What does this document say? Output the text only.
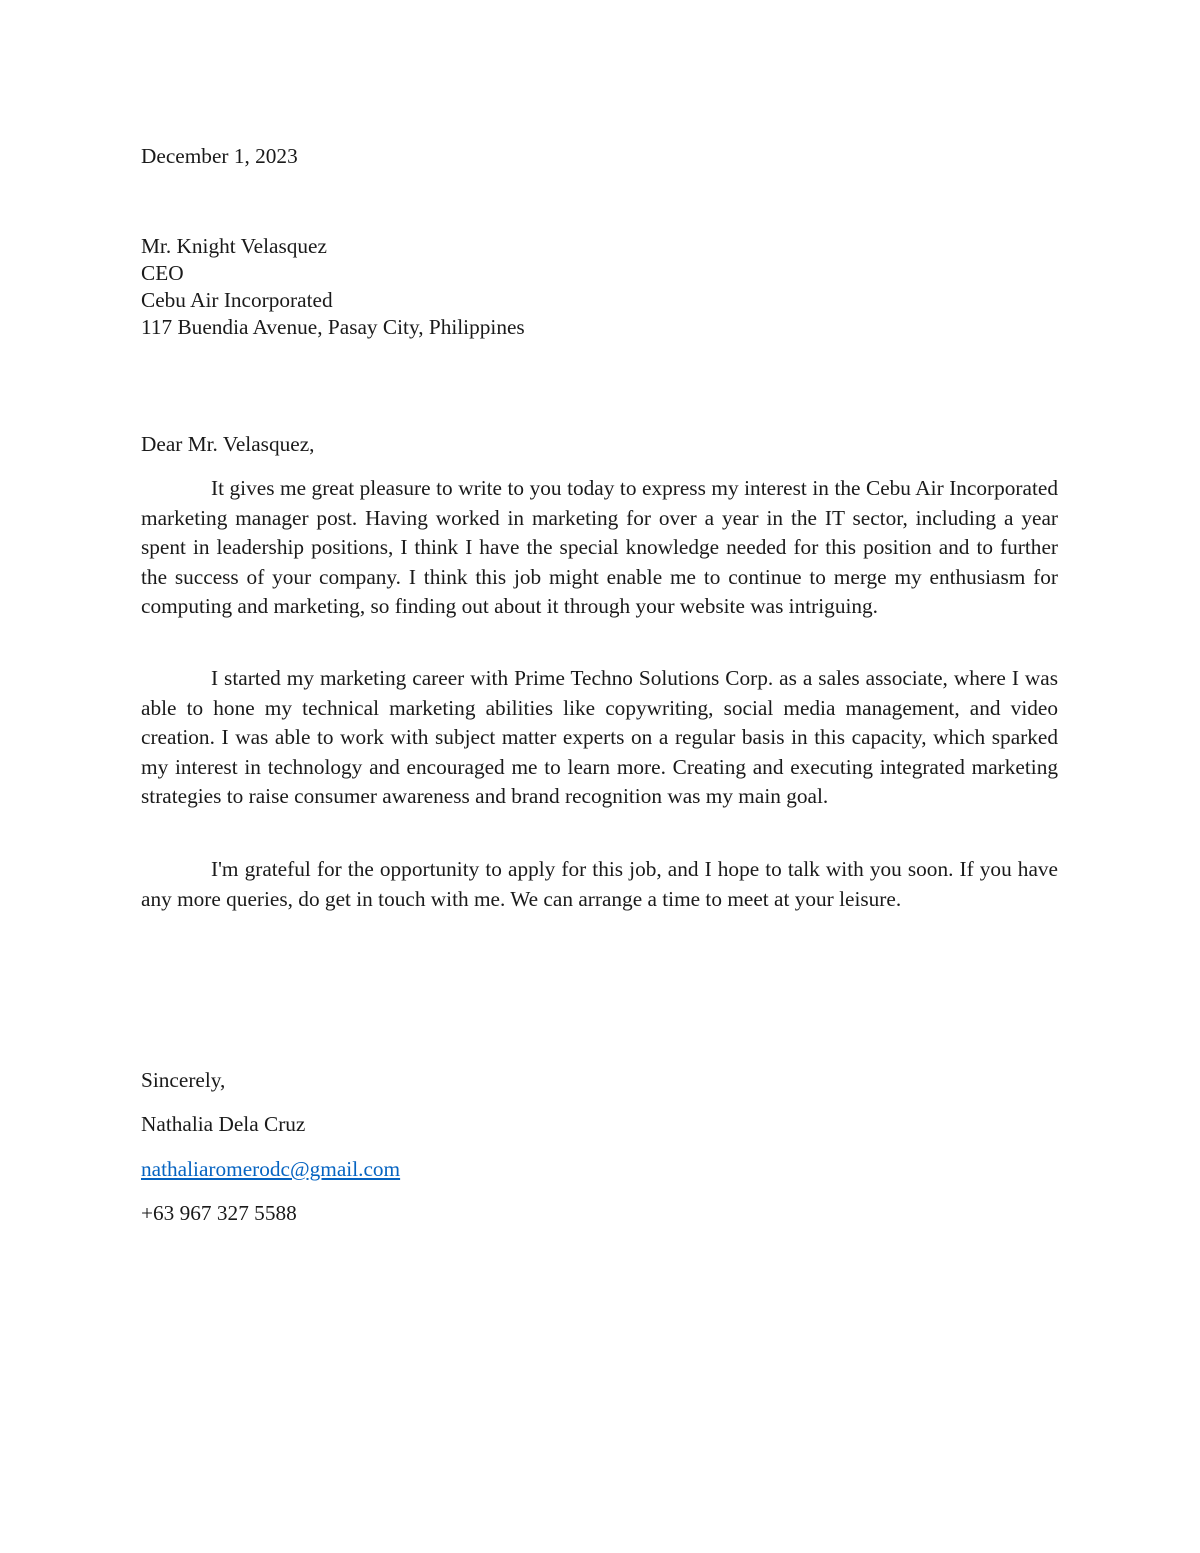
December 1, 2023
Mr. Knight Velasquez
CEO
Cebu Air Incorporated
117 Buendia Avenue, Pasay City, Philippines
Dear Mr. Velasquez,
It gives me great pleasure to write to you today to express my interest in the Cebu Air Incorporated marketing manager post. Having worked in marketing for over a year in the IT sector, including a year spent in leadership positions, I think I have the special knowledge needed for this position and to further the success of your company. I think this job might enable me to continue to merge my enthusiasm for computing and marketing, so finding out about it through your website was intriguing.
I started my marketing career with Prime Techno Solutions Corp. as a sales associate, where I was able to hone my technical marketing abilities like copywriting, social media management, and video creation. I was able to work with subject matter experts on a regular basis in this capacity, which sparked my interest in technology and encouraged me to learn more. Creating and executing integrated marketing strategies to raise consumer awareness and brand recognition was my main goal.
I'm grateful for the opportunity to apply for this job, and I hope to talk with you soon. If you have any more queries, do get in touch with me. We can arrange a time to meet at your leisure.
Sincerely,
Nathalia Dela Cruz
nathaliaromerodc@gmail.com
+63 967 327 5588
